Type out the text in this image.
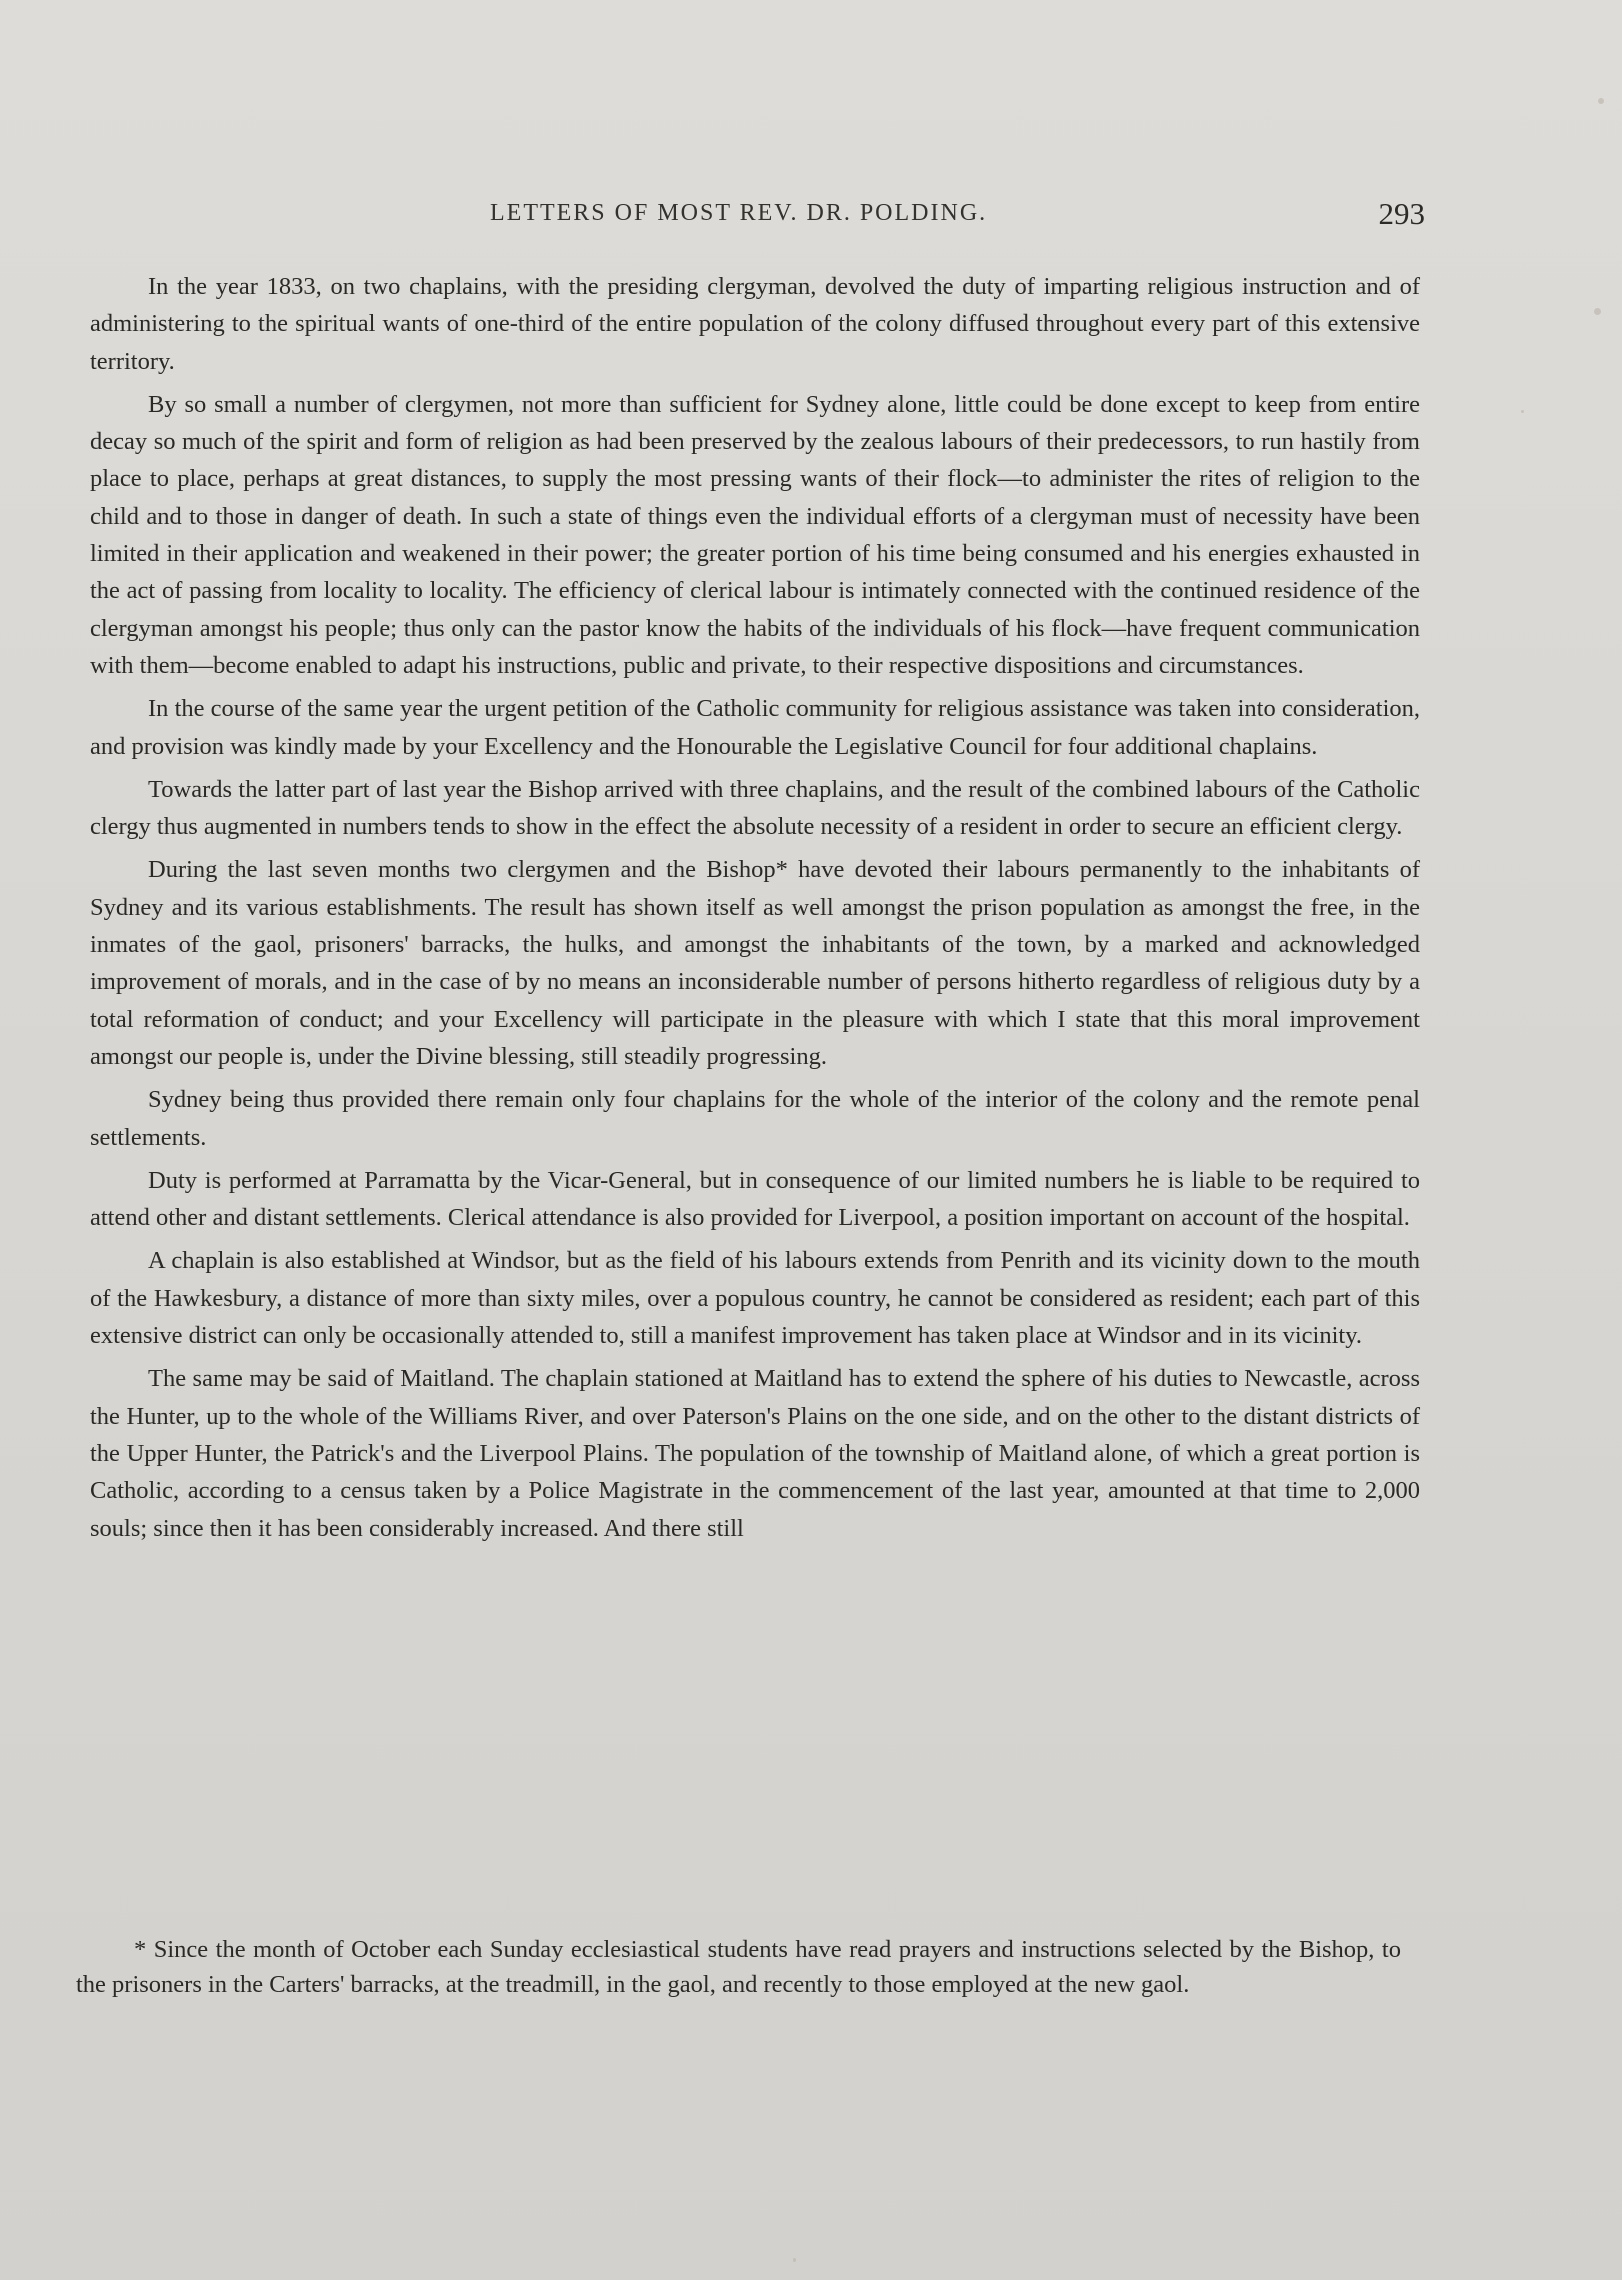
LETTERS OF MOST REV. DR. POLDING.	293

In the year 1833, on two chaplains, with the presiding clergyman, devolved the duty of imparting religious instruction and of administering to the spiritual wants of one-third of the entire population of the colony diffused throughout every part of this extensive territory.

By so small a number of clergymen, not more than sufficient for Sydney alone, little could be done except to keep from entire decay so much of the spirit and form of religion as had been preserved by the zealous labours of their predecessors, to run hastily from place to place, perhaps at great distances, to supply the most pressing wants of their flock—to administer the rites of religion to the child and to those in danger of death. In such a state of things even the individual efforts of a clergyman must of necessity have been limited in their application and weakened in their power; the greater portion of his time being consumed and his energies exhausted in the act of passing from locality to locality. The efficiency of clerical labour is intimately connected with the continued residence of the clergyman amongst his people; thus only can the pastor know the habits of the individuals of his flock—have frequent communication with them—become enabled to adapt his instructions, public and private, to their respective dispositions and circumstances.

In the course of the same year the urgent petition of the Catholic community for religious assistance was taken into consideration, and provision was kindly made by your Excellency and the Honourable the Legislative Council for four additional chaplains.

Towards the latter part of last year the Bishop arrived with three chaplains, and the result of the combined labours of the Catholic clergy thus augmented in numbers tends to show in the effect the absolute necessity of a resident in order to secure an efficient clergy.

During the last seven months two clergymen and the Bishop* have devoted their labours permanently to the inhabitants of Sydney and its various establishments. The result has shown itself as well amongst the prison population as amongst the free, in the inmates of the gaol, prisoners' barracks, the hulks, and amongst the inhabitants of the town, by a marked and acknowledged improvement of morals, and in the case of by no means an inconsiderable number of persons hitherto regardless of religious duty by a total reformation of conduct; and your Excellency will participate in the pleasure with which I state that this moral improvement amongst our people is, under the Divine blessing, still steadily progressing.

Sydney being thus provided there remain only four chaplains for the whole of the interior of the colony and the remote penal settlements.

Duty is performed at Parramatta by the Vicar-General, but in consequence of our limited numbers he is liable to be required to attend other and distant settlements. Clerical attendance is also provided for Liverpool, a position important on account of the hospital.

A chaplain is also established at Windsor, but as the field of his labours extends from Penrith and its vicinity down to the mouth of the Hawkesbury, a distance of more than sixty miles, over a populous country, he cannot be considered as resident; each part of this extensive district can only be occasionally attended to, still a manifest improvement has taken place at Windsor and in its vicinity.

The same may be said of Maitland. The chaplain stationed at Maitland has to extend the sphere of his duties to Newcastle, across the Hunter, up to the whole of the Williams River, and over Paterson's Plains on the one side, and on the other to the distant districts of the Upper Hunter, the Patrick's and the Liverpool Plains. The population of the township of Maitland alone, of which a great portion is Catholic, according to a census taken by a Police Magistrate in the commencement of the last year, amounted at that time to 2,000 souls; since then it has been considerably increased. And there still

* Since the month of October each Sunday ecclesiastical students have read prayers and instructions selected by the Bishop, to the prisoners in the Carters' barracks, at the treadmill, in the gaol, and recently to those employed at the new gaol.
